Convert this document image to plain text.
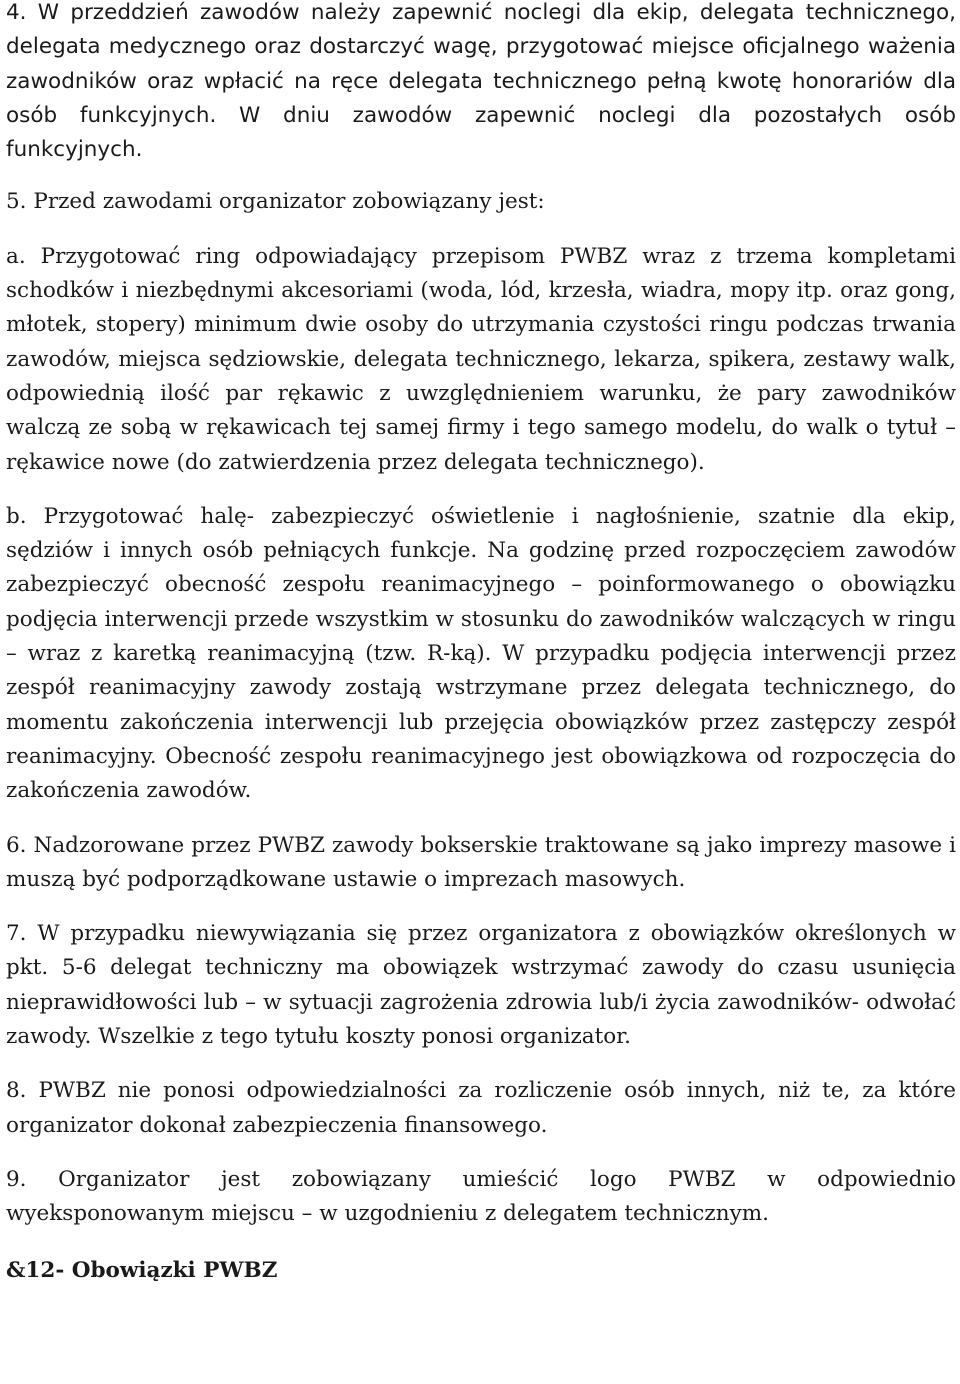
4. W przeddzień zawodów należy zapewnić noclegi dla ekip, delegata technicznego, delegata medycznego oraz dostarczyć wagę, przygotować miejsce oficjalnego ważenia zawodników oraz wpłacić na ręce delegata technicznego pełną kwotę honorariów dla osób funkcyjnych. W dniu zawodów zapewnić noclegi dla pozostałych osób funkcyjnych.

5. Przed zawodami organizator zobowiązany jest:

a. Przygotować ring odpowiadający przepisom PWBZ wraz z trzema kompletami schodków i niezbędnymi akcesoriami (woda, lód, krzesła, wiadra, mopy itp. oraz gong, młotek, stopery) minimum dwie osoby do utrzymania czystości ringu podczas trwania zawodów, miejsca sędziowskie, delegata technicznego, lekarza, spikera, zestawy walk, odpowiednią ilość par rękawic z uwzględnieniem warunku, że pary zawodników walczą ze sobą w rękawicach tej samej firmy i tego samego modelu, do walk o tytuł – rękawice nowe (do zatwierdzenia przez delegata technicznego).

b. Przygotować halę- zabezpieczyć oświetlenie i nagłośnienie, szatnie dla ekip, sędziów i innych osób pełniących funkcje. Na godzinę przed rozpoczęciem zawodów zabezpieczyć obecność zespołu reanimacyjnego – poinformowanego o obowiązku podjęcia interwencji przede wszystkim w stosunku do zawodników walczących w ringu – wraz z karetką reanimacyjną (tzw. R-ką). W przypadku podjęcia interwencji przez zespół reanimacyjny zawody zostają wstrzymane przez delegata technicznego, do momentu zakończenia interwencji lub przejęcia obowiązków przez zastępczy zespół reanimacyjny. Obecność zespołu reanimacyjnego jest obowiązkowa od rozpoczęcia do zakończenia zawodów.

6. Nadzorowane przez PWBZ zawody bokserskie traktowane są jako imprezy masowe i muszą być podporządkowane ustawie o imprezach masowych.

7. W przypadku niewywiązania się przez organizatora z obowiązków określonych w pkt. 5-6 delegat techniczny ma obowiązek wstrzymać zawody do czasu usunięcia nieprawidłowości lub – w sytuacji zagrożenia zdrowia lub/i życia zawodników- odwołać zawody. Wszelkie z tego tytułu koszty ponosi organizator.

8. PWBZ nie ponosi odpowiedzialności za rozliczenie osób innych, niż te, za które organizator dokonał zabezpieczenia finansowego.

9. Organizator jest zobowiązany umieścić logo PWBZ w odpowiednio wyeksponowanym miejscu – w uzgodnieniu z delegatem technicznym.

&12- Obowiązki PWBZ
